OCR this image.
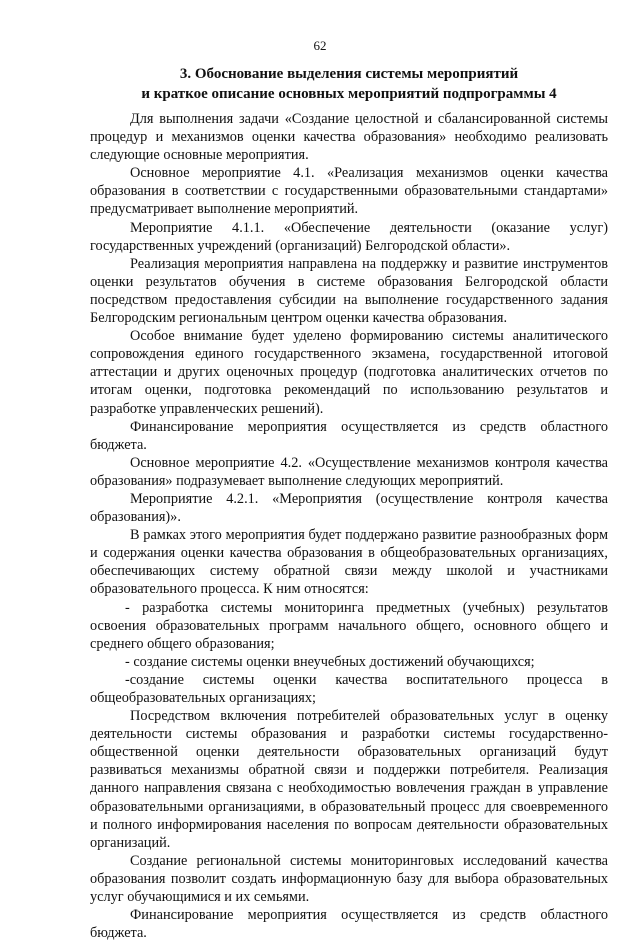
62
3. Обоснование выделения системы мероприятий
и краткое описание основных мероприятий подпрограммы 4

Для выполнения задачи «Создание целостной и сбалансированной системы процедур и механизмов оценки качества образования» необходимо реализовать следующие основные мероприятия.

Основное мероприятие 4.1. «Реализация механизмов оценки качества образования в соответствии с государственными образовательными стандартами» предусматривает выполнение мероприятий.

Мероприятие 4.1.1. «Обеспечение деятельности (оказание услуг) государственных учреждений (организаций) Белгородской области».

Реализация мероприятия направлена на поддержку и развитие инструментов оценки результатов обучения в системе образования Белгородской области посредством предоставления субсидии на выполнение государственного задания Белгородским региональным центром оценки качества образования.

Особое внимание будет уделено формированию системы аналитического сопровождения единого государственного экзамена, государственной итоговой аттестации и других оценочных процедур (подготовка аналитических отчетов по итогам оценки, подготовка рекомендаций по использованию результатов и разработке управленческих решений).

Финансирование мероприятия осуществляется из средств областного бюджета.

Основное мероприятие 4.2. «Осуществление механизмов контроля качества образования» подразумевает выполнение следующих мероприятий.

Мероприятие 4.2.1. «Мероприятия (осуществление контроля качества образования)».

В рамках этого мероприятия будет поддержано развитие разнообразных форм и содержания оценки качества образования в общеобразовательных организациях, обеспечивающих систему обратной связи между школой и участниками образовательного процесса. К ним относятся:

- разработка системы мониторинга предметных (учебных) результатов освоения образовательных программ начального общего, основного общего и среднего общего образования;

- создание системы оценки внеучебных достижений обучающихся;

-создание системы оценки качества воспитательного процесса в общеобразовательных организациях;

Посредством включения потребителей образовательных услуг в оценку деятельности системы образования и разработки системы государственно-общественной оценки деятельности образовательных организаций будут развиваться механизмы обратной связи и поддержки потребителя. Реализация данного направления связана с необходимостью вовлечения граждан в управление образовательными организациями, в образовательный процесс для своевременного и полного информирования населения по вопросам деятельности образовательных организаций.

Создание региональной системы мониторинговых исследований качества образования позволит создать информационную базу для выбора образовательных услуг обучающимися и их семьями.

Финансирование мероприятия осуществляется из средств областного бюджета.
